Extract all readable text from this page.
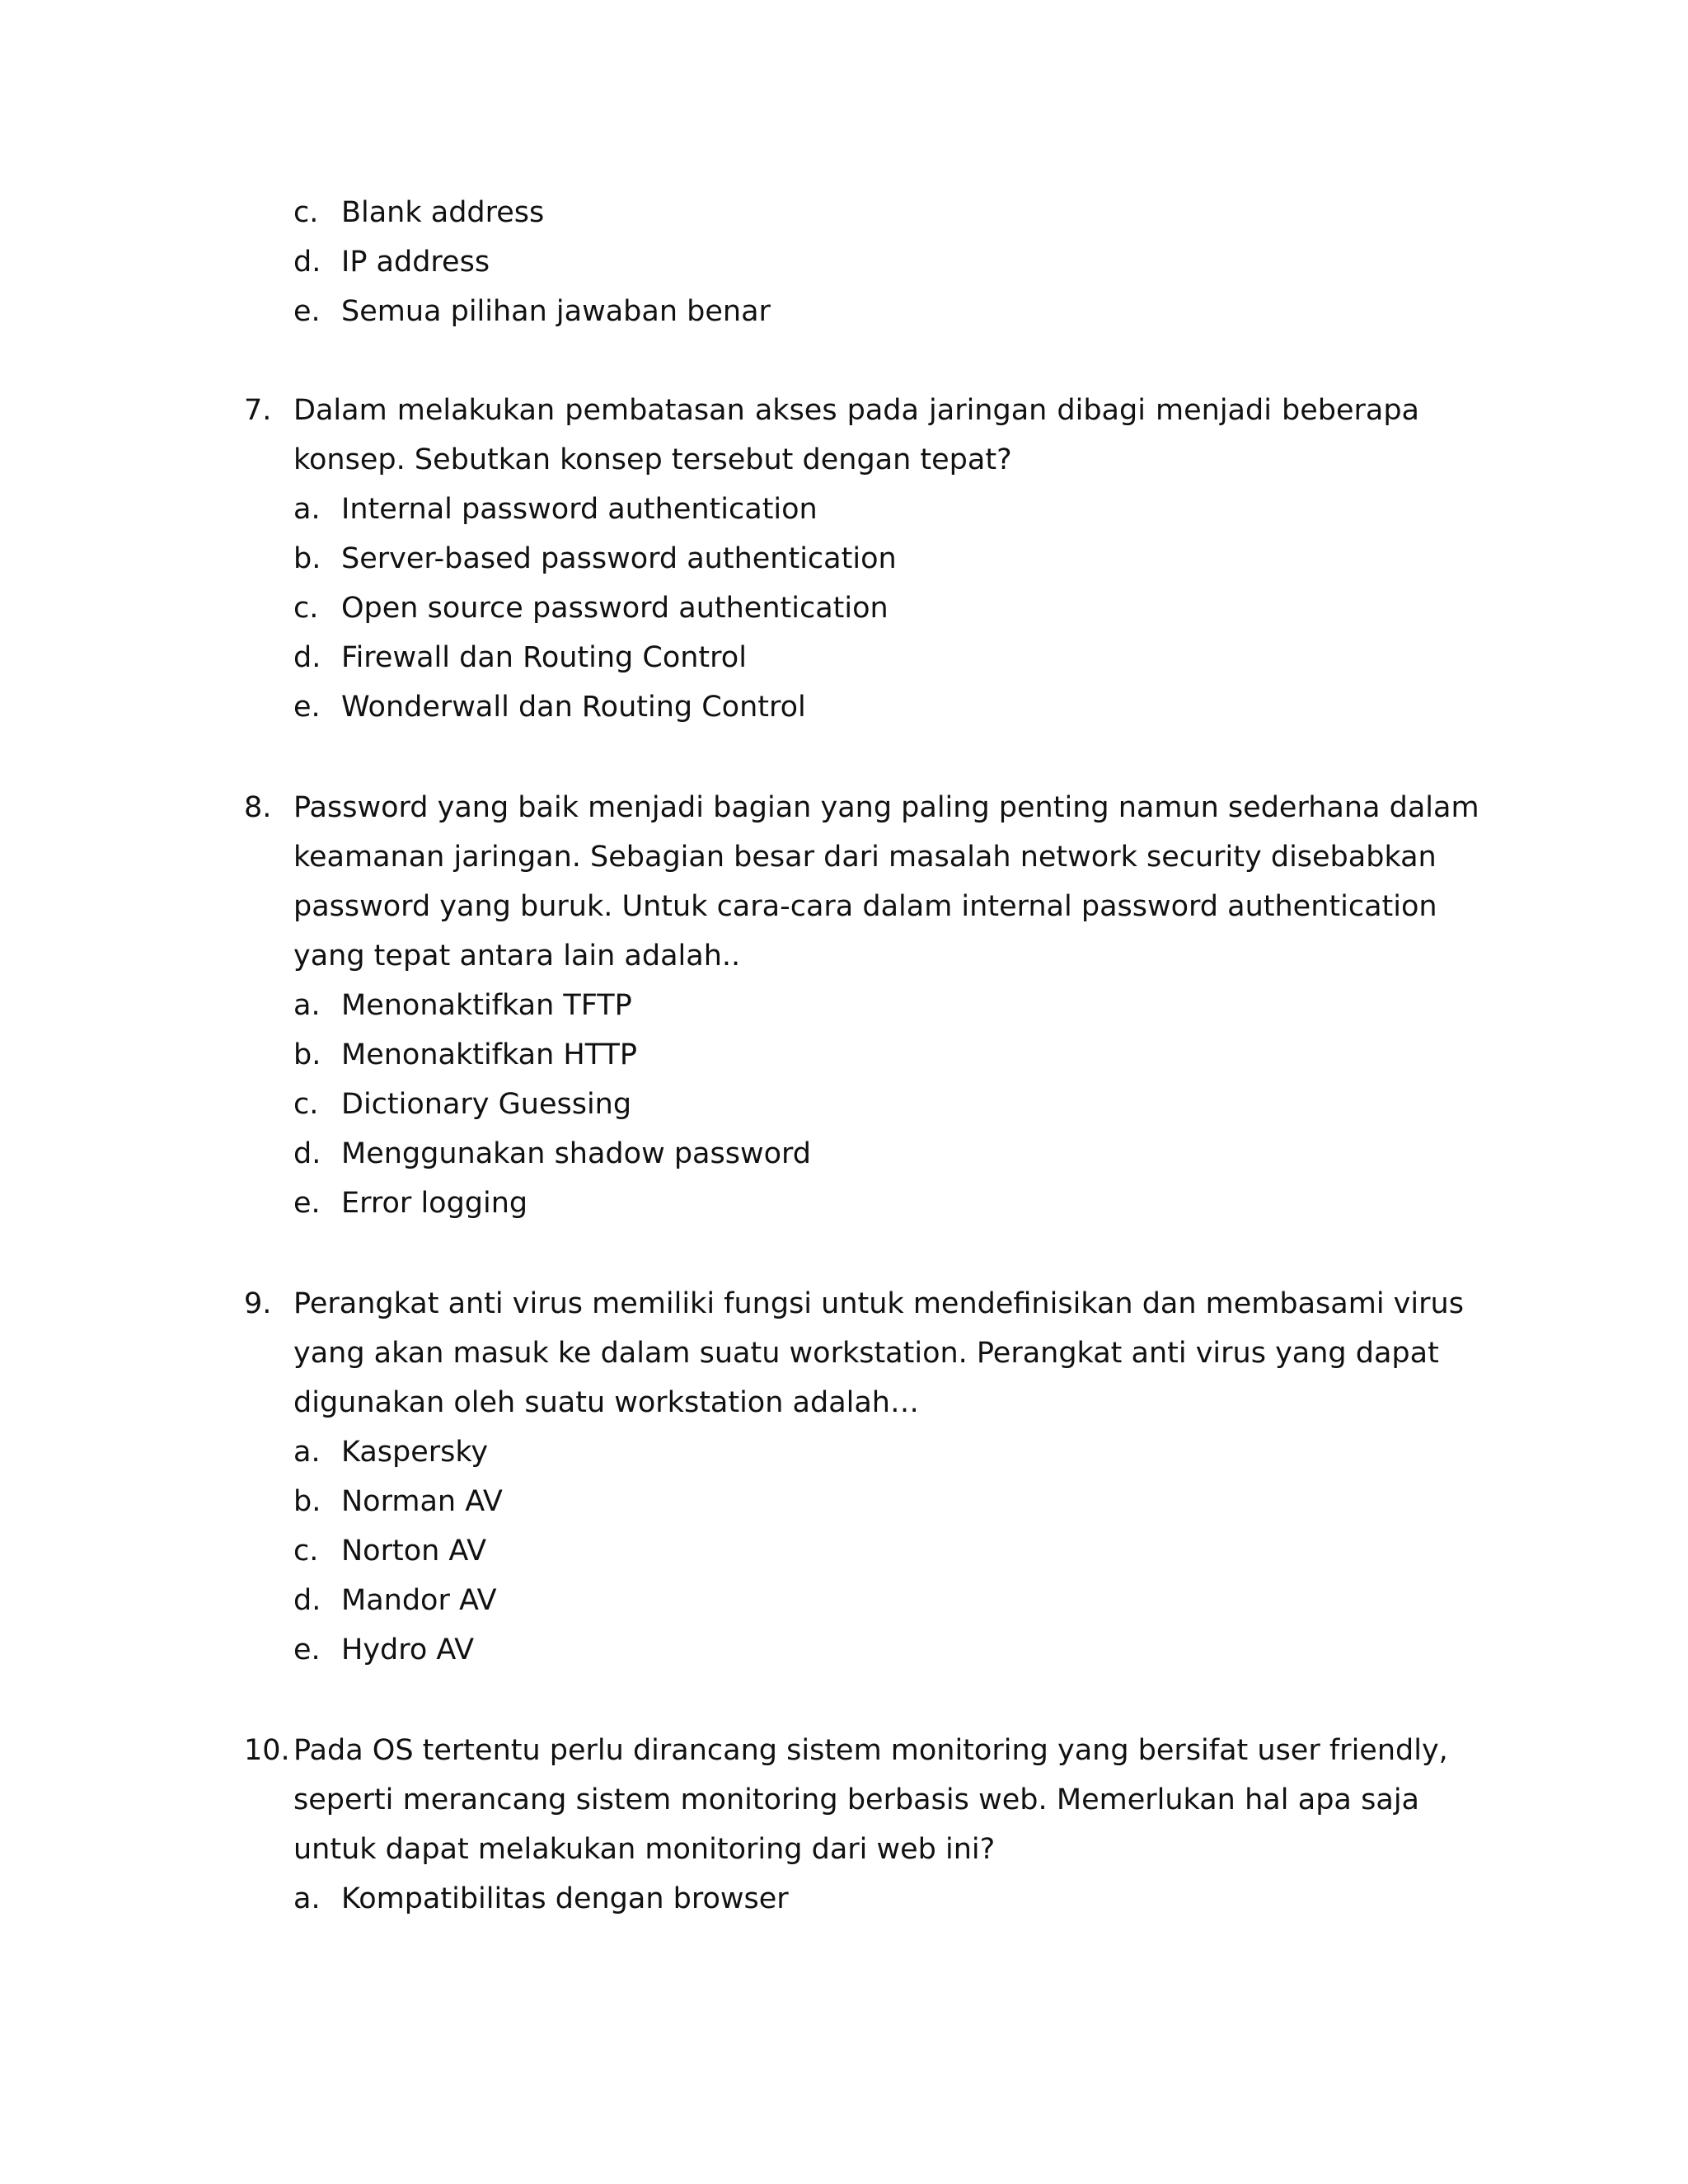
c. Blank address
d. IP address
e. Semua pilihan jawaban benar
7. Dalam melakukan pembatasan akses pada jaringan dibagi menjadi beberapa
konsep. Sebutkan konsep tersebut dengan tepat?
a. Internal password authentication
b. Server-based password authentication
c. Open source password authentication
d. Firewall dan Routing Control
e. Wonderwall dan Routing Control
8. Password yang baik menjadi bagian yang paling penting namun sederhana dalam
keamanan jaringan. Sebagian besar dari masalah network security disebabkan
password yang buruk. Untuk cara-cara dalam internal password authentication
yang tepat antara lain adalah..
a. Menonaktifkan TFTP
b. Menonaktifkan HTTP
c. Dictionary Guessing
d. Menggunakan shadow password
e. Error logging
9. Perangkat anti virus memiliki fungsi untuk mendefinisikan dan membasami virus
yang akan masuk ke dalam suatu workstation. Perangkat anti virus yang dapat
digunakan oleh suatu workstation adalah…
a. Kaspersky
b. Norman AV
c. Norton AV
d. Mandor AV
e. Hydro AV
10. Pada OS tertentu perlu dirancang sistem monitoring yang bersifat user friendly,
seperti merancang sistem monitoring berbasis web. Memerlukan hal apa saja
untuk dapat melakukan monitoring dari web ini?
a. Kompatibilitas dengan browser
